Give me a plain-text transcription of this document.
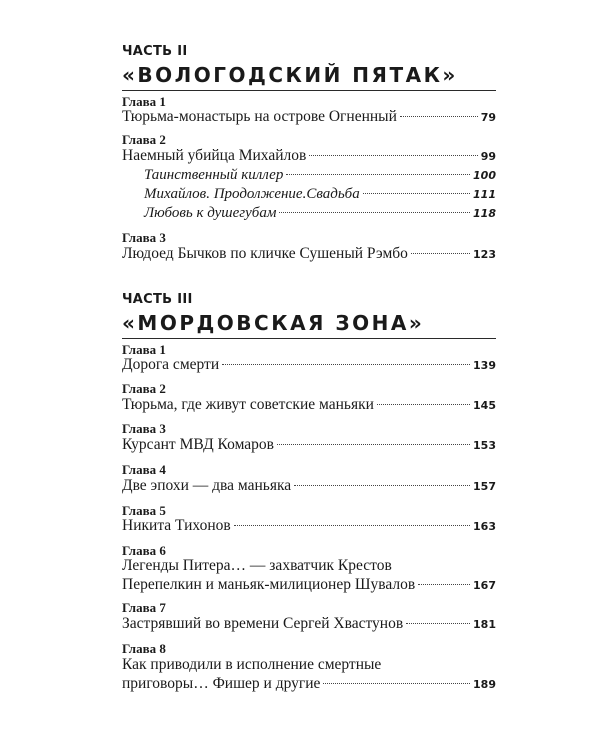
ЧАСТЬ II
«ВОЛОГОДСКИЙ ПЯТАК»
Глава 1
Тюрьма-монастырь на острове Огненный	79
Глава 2
Наемный убийца Михайлов	99
Таинственный киллер	100
Михайлов. Продолжение.Свадьба	111
Любовь к душегубам	118
Глава 3
Людоед Бычков по кличке Сушеный Рэмбо	123
ЧАСТЬ III
«МОРДОВСКАЯ ЗОНА»
Глава 1
Дорога смерти	139
Глава 2
Тюрьма, где живут советские маньяки	145
Глава 3
Курсант МВД Комаров	153
Глава 4
Две эпохи — два маньяка	157
Глава 5
Никита Тихонов	163
Глава 6
Легенды Питера… — захватчик Крестов
Перепелкин и маньяк-милиционер Шувалов	167
Глава 7
Застрявший во времени Сергей Хвастунов	181
Глава 8
Как приводили в исполнение смертные
приговоры… Фишер и другие	189
